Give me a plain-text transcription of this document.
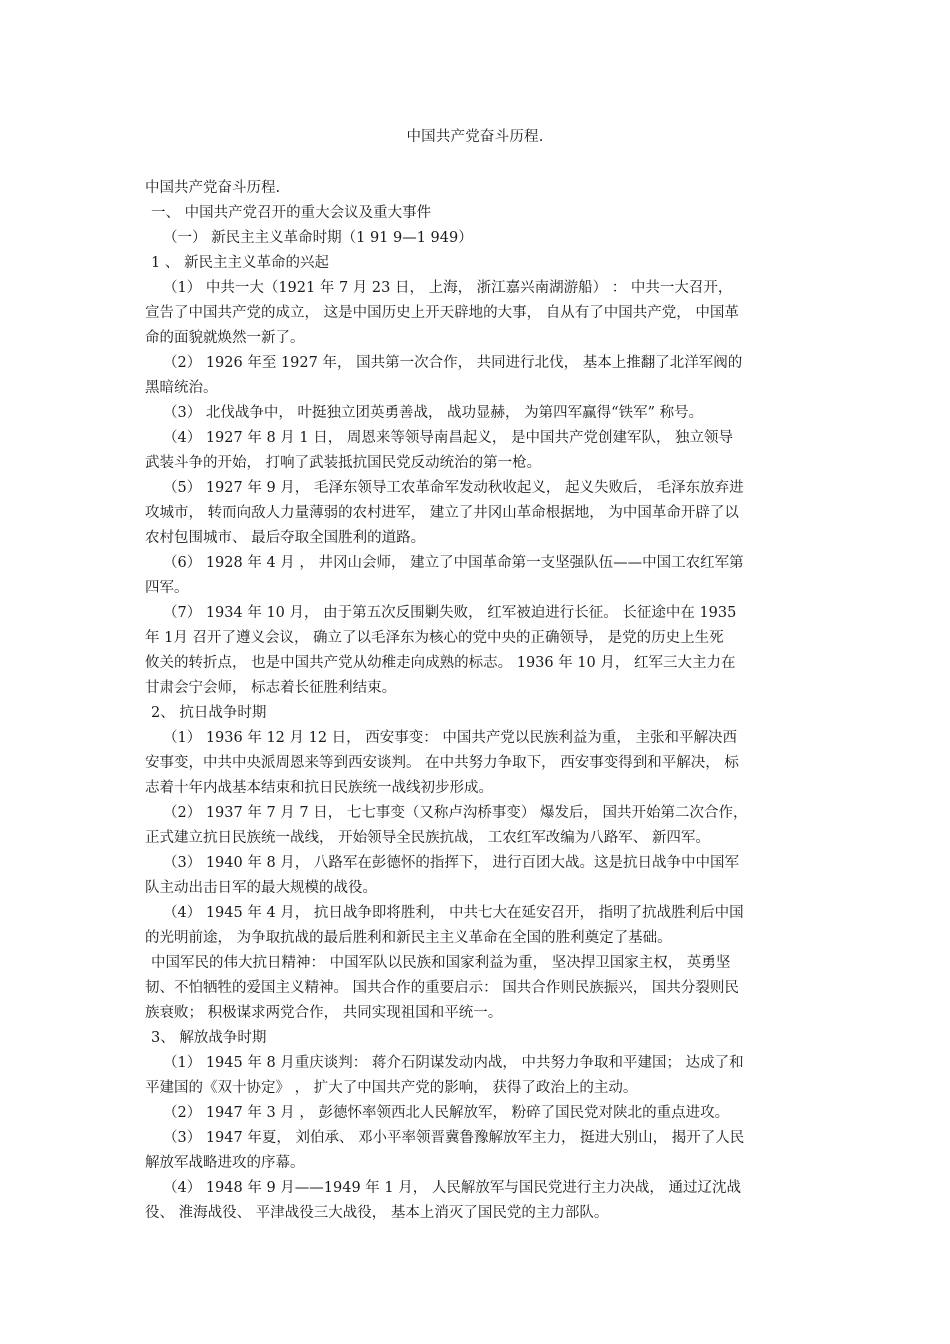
中国共产党奋斗历程.
中国共产党奋斗历程.
一、 中国共产党召开的重大会议及重大事件
（一） 新民主主义革命时期（1 91 9—1 949）
1 、 新民主主义革命的兴起
（1） 中共一大（1921 年 7 月 23 日， 上海， 浙江嘉兴南湖游船） ： 中共一大召开，
宣告了中国共产党的成立， 这是中国历史上开天辟地的大事， 自从有了中国共产党， 中国革
命的面貌就焕然一新了。
（2） 1926 年至 1927 年， 国共第一次合作， 共同进行北伐， 基本上推翻了北洋军阀的
黑暗统治。
（3） 北伐战争中， 叶挺独立团英勇善战， 战功显赫， 为第四军赢得“铁军” 称号。
（4） 1927 年 8 月 1 日， 周恩来等领导南昌起义， 是中国共产党创建军队， 独立领导
武装斗争的开始， 打响了武装抵抗国民党反动统治的第一枪。
（5） 1927 年 9 月， 毛泽东领导工农革命军发动秋收起义， 起义失败后， 毛泽东放弃进
攻城市， 转而向敌人力量薄弱的农村进军， 建立了井冈山革命根据地， 为中国革命开辟了以
农村包围城市、 最后夺取全国胜利的道路。
（6） 1928 年 4 月 ， 井冈山会师， 建立了中国革命第一支坚强队伍——中国工农红军第
四军。
（7） 1934 年 10 月， 由于第五次反围剿失败， 红军被迫进行长征。 长征途中在 1935
年 1月 召开了遵义会议， 确立了以毛泽东为核心的党中央的正确领导， 是党的历史上生死
攸关的转折点， 也是中国共产党从幼稚走向成熟的标志。 1936 年 10 月， 红军三大主力在
甘肃会宁会师， 标志着长征胜利结束。
2、 抗日战争时期
（1） 1936 年 12 月 12 日， 西安事变： 中国共产党以民族利益为重， 主张和平解决西
安事变，中共中央派周恩来等到西安谈判。 在中共努力争取下， 西安事变得到和平解决， 标
志着十年内战基本结束和抗日民族统一战线初步形成。
（2） 1937 年 7 月 7 日， 七七事变（又称卢沟桥事变） 爆发后， 国共开始第二次合作，
正式建立抗日民族统一战线， 开始领导全民族抗战， 工农红军改编为八路军、 新四军。
（3） 1940 年 8 月， 八路军在彭德怀的指挥下， 进行百团大战。这是抗日战争中中国军
队主动出击日军的最大规模的战役。
（4） 1945 年 4 月， 抗日战争即将胜利， 中共七大在延安召开， 指明了抗战胜利后中国
的光明前途， 为争取抗战的最后胜利和新民主主义革命在全国的胜利奠定了基础。
中国军民的伟大抗日精神： 中国军队以民族和国家利益为重， 坚决捍卫国家主权， 英勇坚
韧、不怕牺牲的爱国主义精神。 国共合作的重要启示： 国共合作则民族振兴， 国共分裂则民
族衰败； 积极谋求两党合作， 共同实现祖国和平统一。
3、 解放战争时期
（1） 1945 年 8 月重庆谈判： 蒋介石阴谋发动内战， 中共努力争取和平建国； 达成了和
平建国的《双十协定》 ， 扩大了中国共产党的影响， 获得了政治上的主动。
（2） 1947 年 3 月 ， 彭德怀率领西北人民解放军， 粉碎了国民党对陕北的重点进攻。
（3） 1947 年夏， 刘伯承、 邓小平率领晋冀鲁豫解放军主力， 挺进大别山， 揭开了人民
解放军战略进攻的序幕。
（4） 1948 年 9 月——1949 年 1 月， 人民解放军与国民党进行主力决战， 通过辽沈战
役、 淮海战役、 平津战役三大战役， 基本上消灭了国民党的主力部队。
